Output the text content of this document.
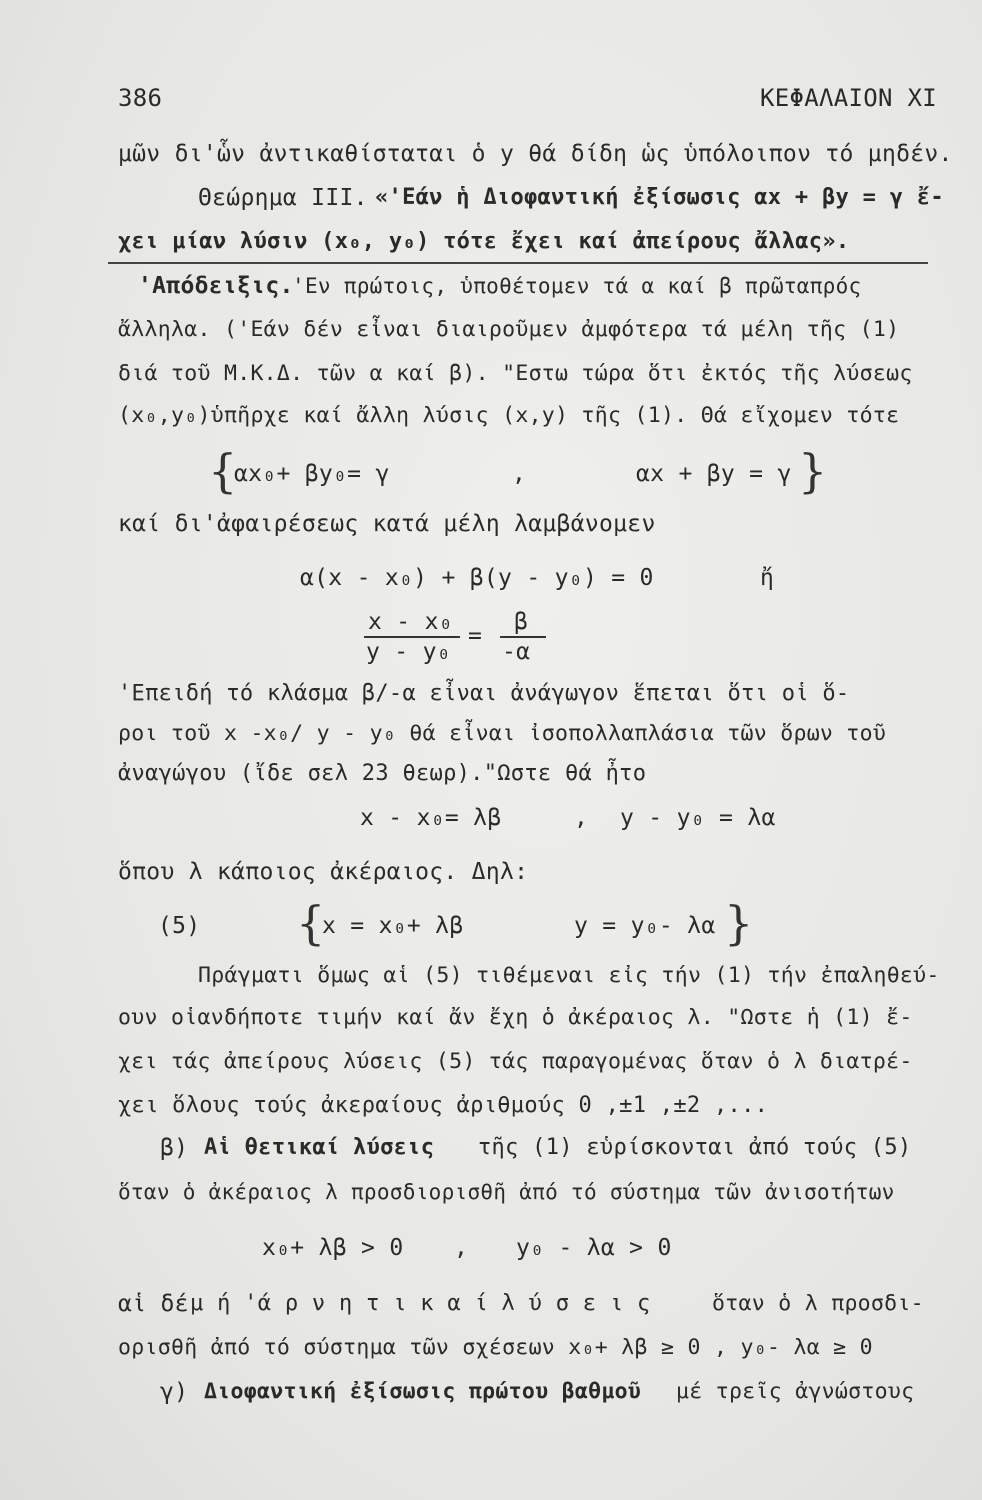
386	ΚΕΦΑΛΑΙΟΝ XI
μῶν δι'ὧν ἀντικαθίσταται ὁ y θά δίδη ὡς ὑπόλοιπον τό μηδέν.
Θεώρημα III. «'Εάν ἡ Διοφαντική ἐξίσωσις αx + βy = γ ἔ-
χει μίαν λύσιν (x₀, y₀) τότε ἔχει καί ἀπείρους ἄλλας».
'Απόδειξις.
'Εν πρώτοις, ὑποθέτομεν τά α καί β πρῶταπρός
ἄλληλα. ('Εάν δέν εἶναι διαιροῦμεν ἀμφότερα τά μέλη τῆς (1)
διά τοῦ Μ.Κ.Δ. τῶν α καί β). "Εστω τώρα ὅτι ἐκτός τῆς λύσεως
(x₀,y₀)ὑπῆρχε καί ἄλλη λύσις (x,y) τῆς (1). Θά εἴχομεν τότε
{
αx₀+ βy₀= γ	,	αx + βy = γ }
καί δι'ἀφαιρέσεως κατά μέλη λαμβάνομεν
α(x - x₀) + β(y - y₀) = 0	ἤ
x - x₀
y - y₀
=
β
-α
'Επειδή τό κλάσμα β/-α εἶναι ἀνάγωγον ἕπεται ὅτι οἱ ὅ-
ροι τοῦ x -x₀/ y - y₀ θά εἶναι ἰσοπολλαπλάσια τῶν ὅρων τοῦ
ἀναγώγου (ἴδε σελ 23 θεωρ)."Ωστε θά ἦτο
x - x₀= λβ	, y - y₀ = λα
ὅπου λ κάποιος ἀκέραιος. Δηλ:
(5) {
x = x₀+ λβ	y = y₀- λα }
Πράγματι ὅμως αἱ (5) τιθέμεναι εἰς τήν (1) τήν ἐπαληθεύ-
ουν οἱανδήποτε τιμήν καί ἄν ἔχη ὁ ἀκέραιος λ. "Ωστε ἡ (1) ἔ-
χει τάς ἀπείρους λύσεις (5) τάς παραγομένας ὅταν ὁ λ διατρέ-
χει ὅλους τούς ἀκεραίους ἀριθμούς 0 ,±1 ,±2 ,...
β) Αἱ θετικαί λύσεις τῆς (1) εὑρίσκονται ἀπό τούς (5)
ὅταν ὁ ἀκέραιος λ προσδιορισθῆ ἀπό τό σύστημα τῶν ἀνισοτήτων
x₀+ λβ > 0 , y₀ - λα > 0
αἱ δέ μ ή 'ά ρ ν η τ ι κ α ί λ ύ σ ε ι ς	ὅταν ὁ λ προσδι-
ορισθῆ ἀπό τό σύστημα τῶν σχέσεων x₀+ λβ ≥ 0 , y₀- λα ≥ 0
γ) Διοφαντική ἐξίσωσις πρώτου βαθμοῦ μέ τρεῖς ἀγνώστους
